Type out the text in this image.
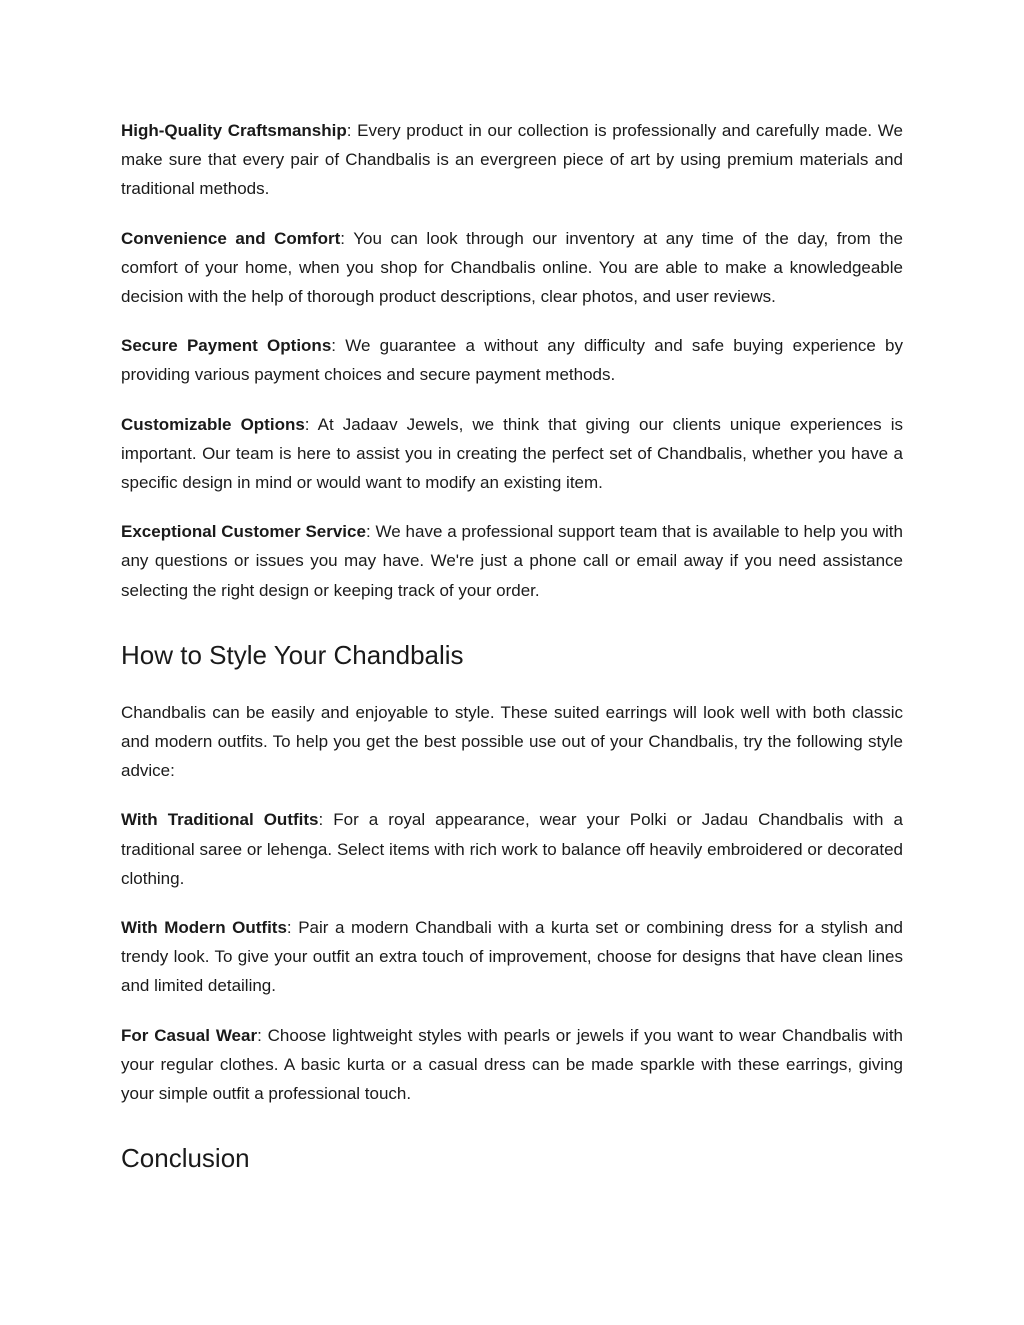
High-Quality Craftsmanship: Every product in our collection is professionally and carefully made. We make sure that every pair of Chandbalis is an evergreen piece of art by using premium materials and traditional methods.

Convenience and Comfort: You can look through our inventory at any time of the day, from the comfort of your home, when you shop for Chandbalis online. You are able to make a knowledgeable decision with the help of thorough product descriptions, clear photos, and user reviews.

Secure Payment Options: We guarantee a without any difficulty and safe buying experience by providing various payment choices and secure payment methods.

Customizable Options: At Jadaav Jewels, we think that giving our clients unique experiences is important. Our team is here to assist you in creating the perfect set of Chandbalis, whether you have a specific design in mind or would want to modify an existing item.

Exceptional Customer Service: We have a professional support team that is available to help you with any questions or issues you may have. We're just a phone call or email away if you need assistance selecting the right design or keeping track of your order.

How to Style Your Chandbalis

Chandbalis can be easily and enjoyable to style. These suited earrings will look well with both classic and modern outfits. To help you get the best possible use out of your Chandbalis, try the following style advice:

With Traditional Outfits: For a royal appearance, wear your Polki or Jadau Chandbalis with a traditional saree or lehenga. Select items with rich work to balance off heavily embroidered or decorated clothing.

With Modern Outfits: Pair a modern Chandbali with a kurta set or combining dress for a stylish and trendy look. To give your outfit an extra touch of improvement, choose for designs that have clean lines and limited detailing.

For Casual Wear: Choose lightweight styles with pearls or jewels if you want to wear Chandbalis with your regular clothes. A basic kurta or a casual dress can be made sparkle with these earrings, giving your simple outfit a professional touch.

Conclusion
